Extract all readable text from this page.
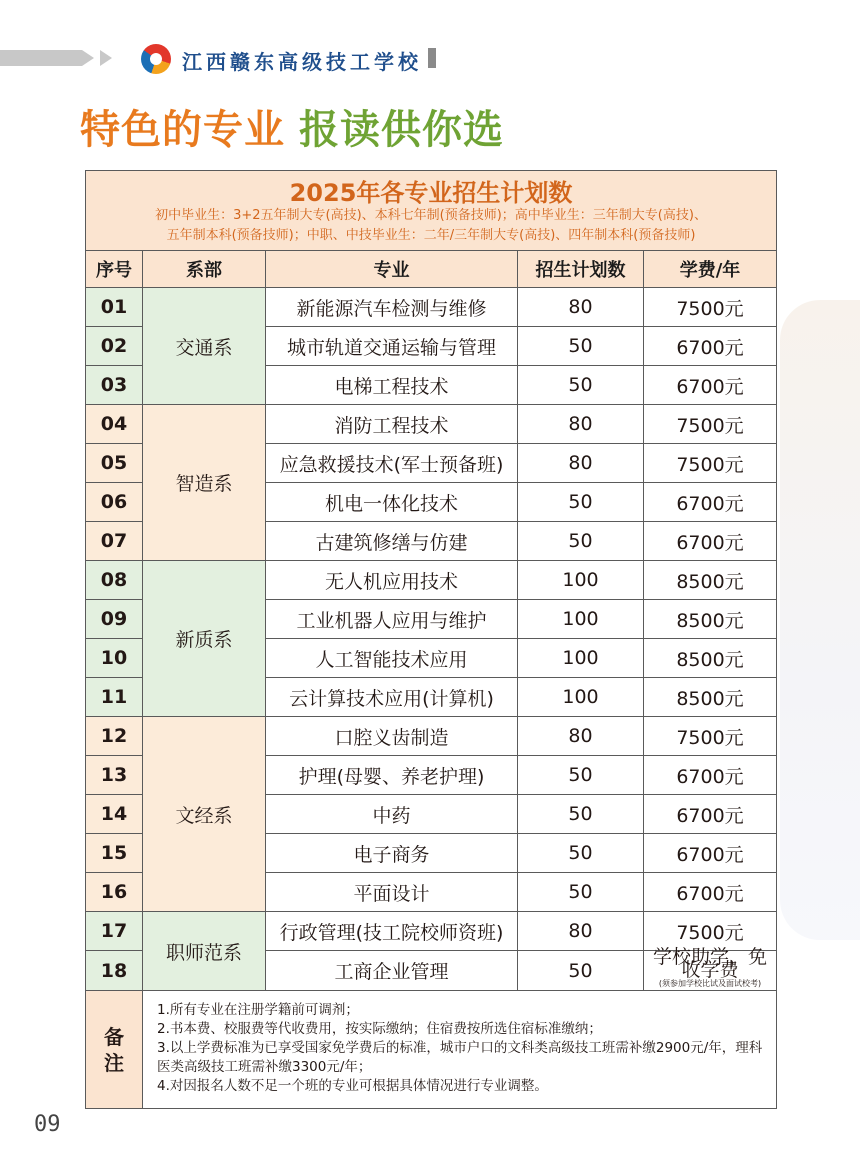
江西赣东高级技工学校
特色的专业 报读供你选
2025年各专业招生计划数
初中毕业生：3+2五年制大专(高技)、本科七年制(预备技师)；高中毕业生：三年制大专(高技)、
五年制本科(预备技师)；中职、中技毕业生：二年/三年制大专(高技)、四年制本科(预备技师)				

序号	系部	专业	招生计划数	学费/年
01	交通系	新能源汽车检测与维修	80	7500元
02		城市轨道交通运输与管理	50	6700元
03		电梯工程技术	50	6700元
04	智造系	消防工程技术	80	7500元
05		应急救援技术(军士预备班)	80	7500元
06		机电一体化技术	50	6700元
07		古建筑修缮与仿建	50	6700元
08	新质系	无人机应用技术	100	8500元
09		工业机器人应用与维护	100	8500元
10		人工智能技术应用	100	8500元
11		云计算技术应用(计算机)	100	8500元
12	文经系	口腔义齿制造	80	7500元
13		护理(母婴、养老护理)	50	6700元
14		中药	50	6700元
15		电子商务	50	6700元
16		平面设计	50	6700元
17	职师范系	行政管理(技工院校师资班)	80	7500元
18		工商企业管理	50	学校助学，免收学费
(须参加学校比试及面试校考)

备注	1.所有专业在注册学籍前可调剂；
2.书本费、校服费等代收费用，按实际缴纳；住宿费按所选住宿标准缴纳；
3.以上学费标准为已享受国家免学费后的标准，城市户口的文科类高级技工班需补缴2900元/年，理科医类高级技工班需补缴3300元/年；
4.对因报名人数不足一个班的专业可根据具体情况进行专业调整。			
09
